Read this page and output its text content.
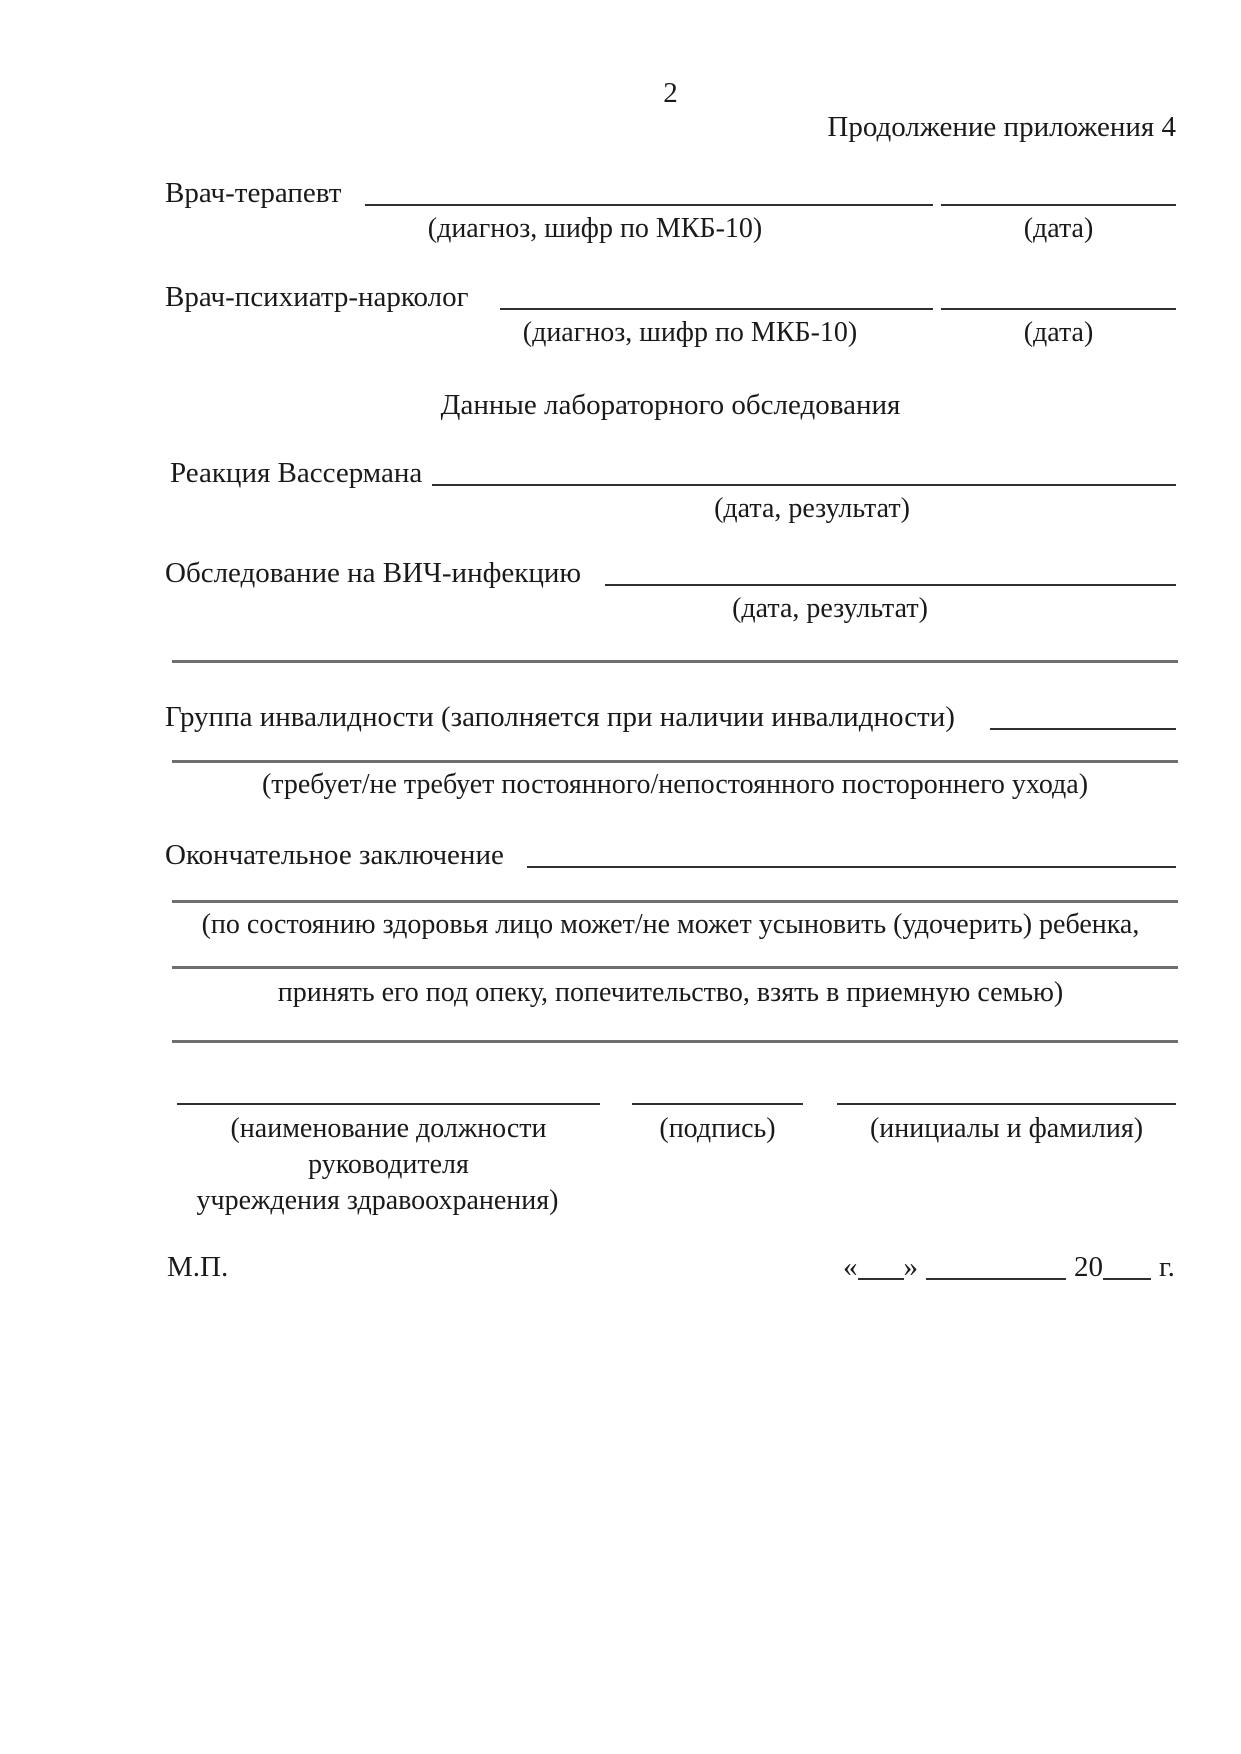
2
Продолжение приложения 4
Врач-терапевт
(диагноз, шифр по МКБ-10)	(дата)
Врач-психиатр-нарколог
(диагноз, шифр по МКБ-10)	(дата)
Данные лабораторного обследования
Реакция Вассермана
(дата, результат)
Обследование на ВИЧ-инфекцию
(дата, результат)
Группа инвалидности (заполняется при наличии инвалидности)
(требует/не требует постоянного/непостоянного постороннего ухода)
Окончательное заключение
(по состоянию здоровья лицо может/не может усыновить (удочерить) ребенка,
принять его под опеку, попечительство, взять в приемную семью)
(наименование должности
руководителя
учреждения здравоохранения)
(подпись)	(инициалы и фамилия)
М.П.	« »	20 г.
